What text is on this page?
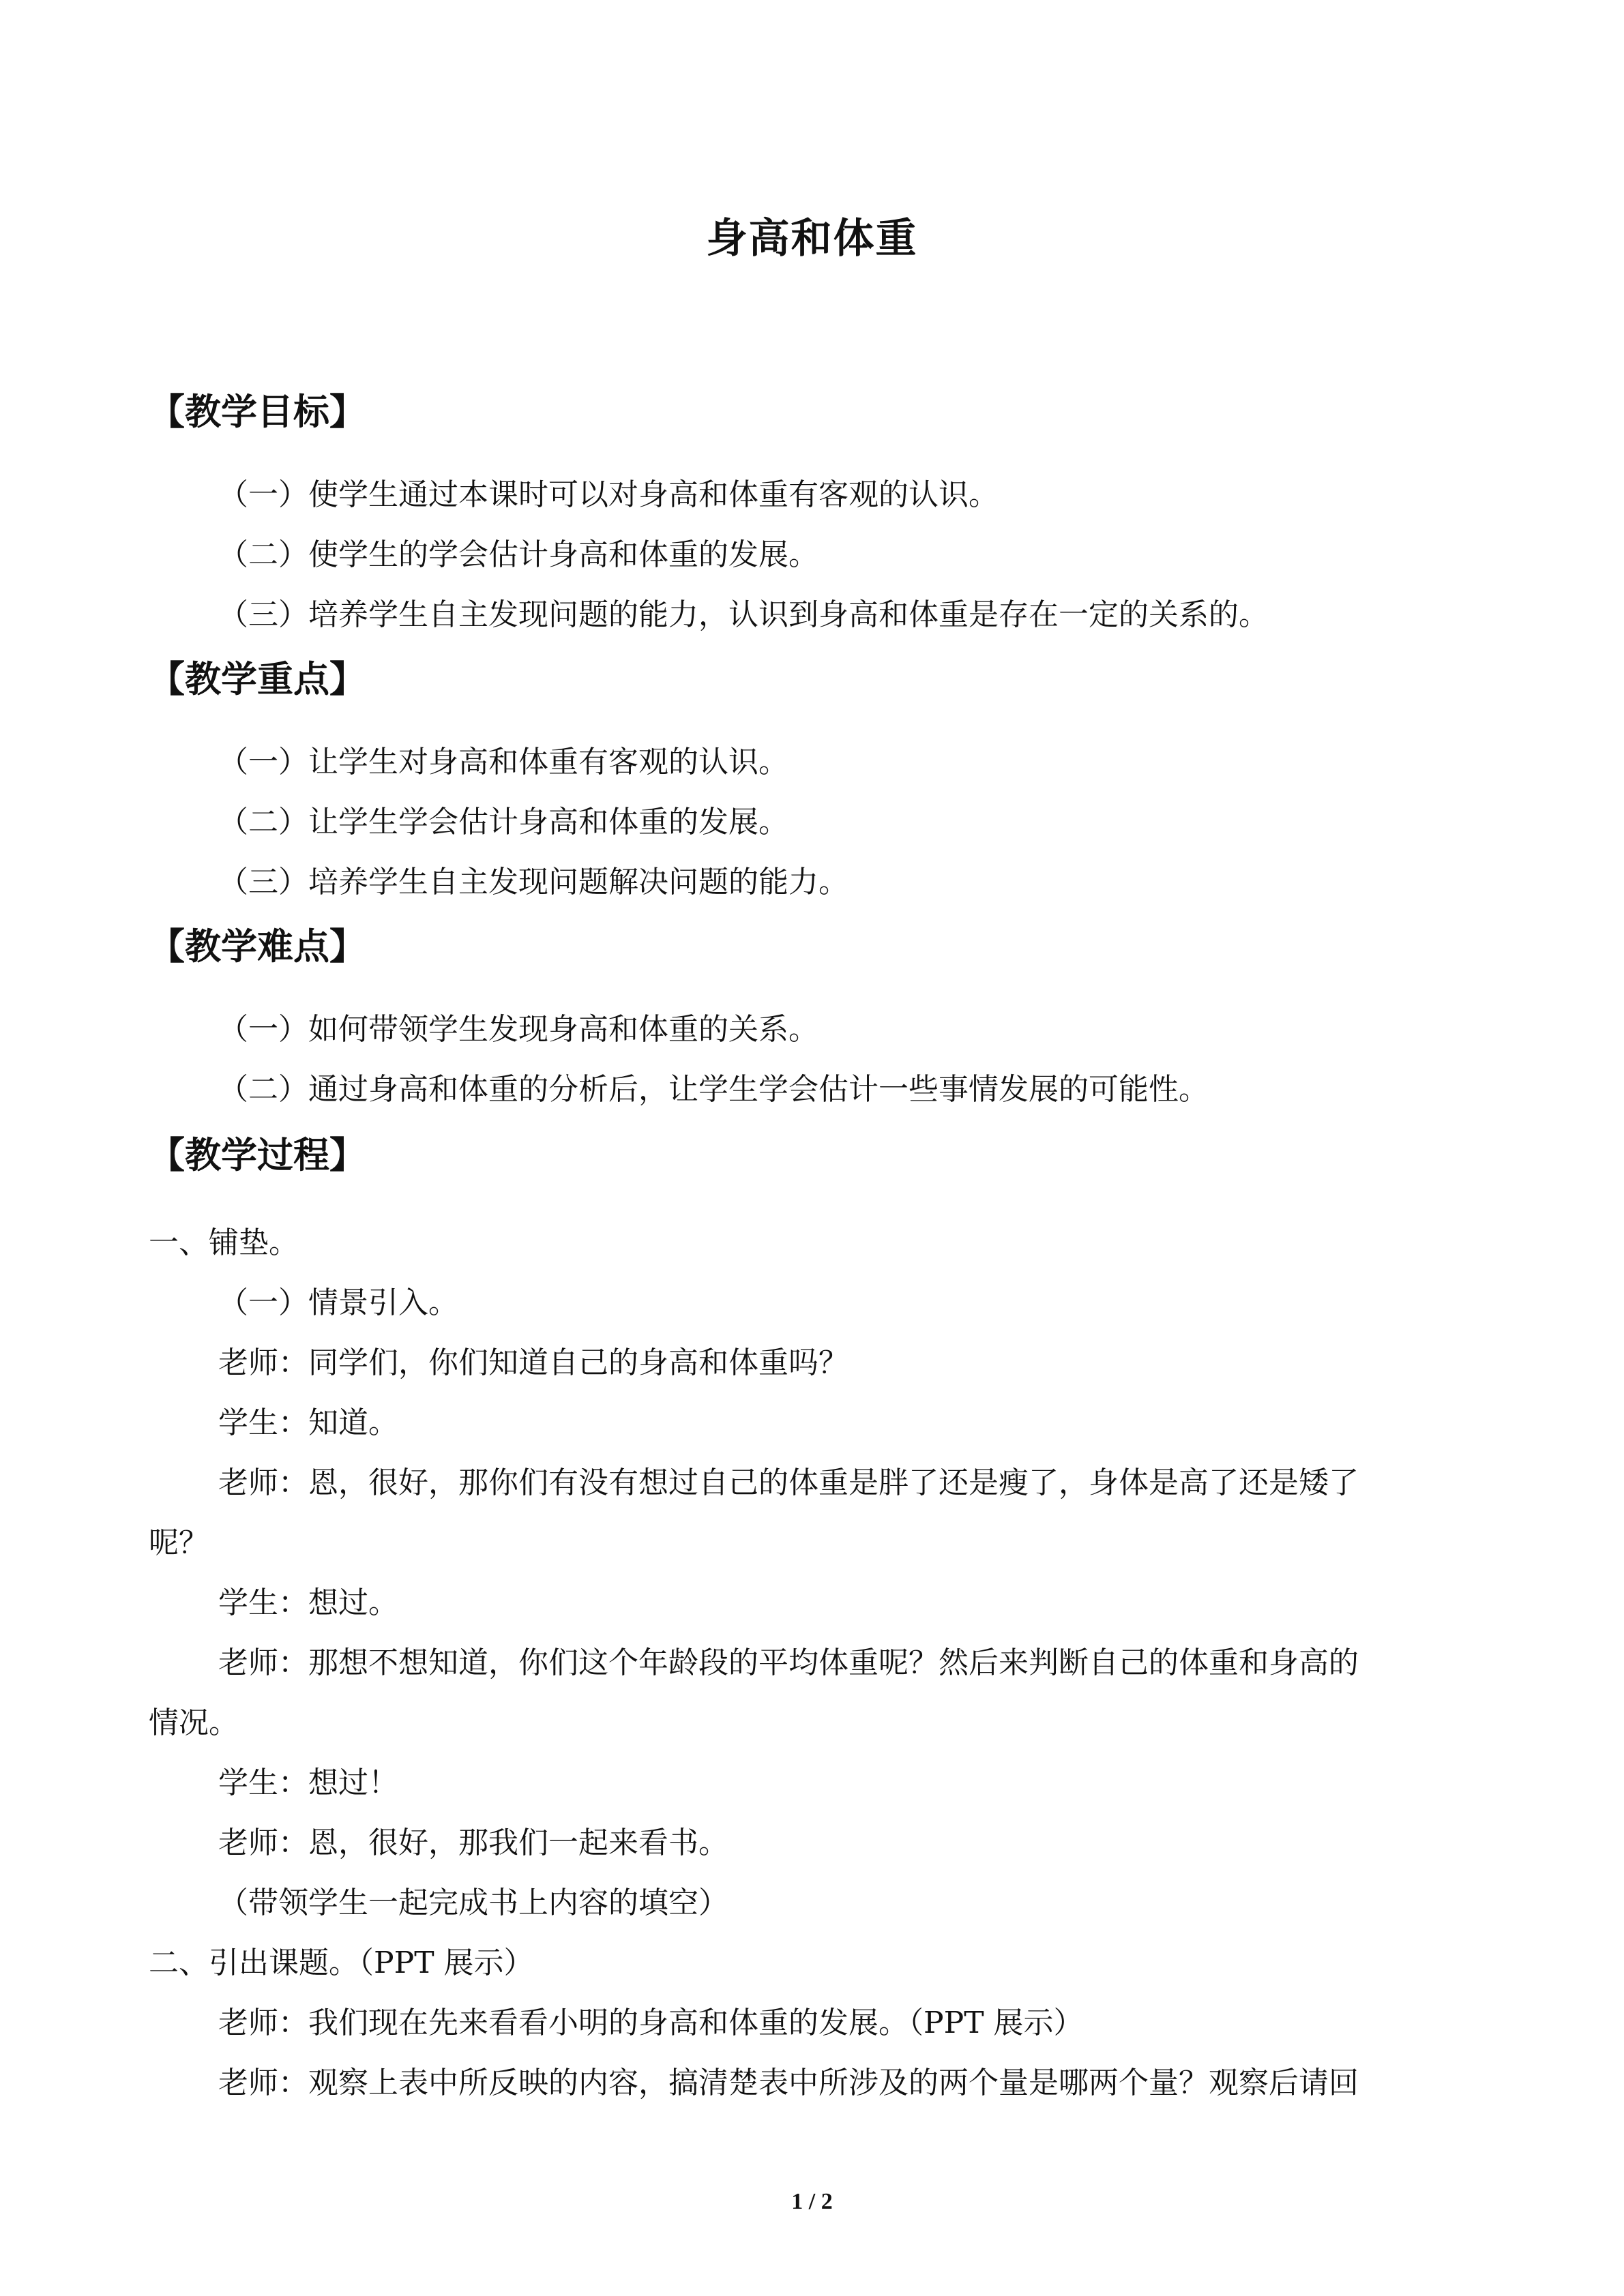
身高和体重
【教学目标】
（一）使学生通过本课时可以对身高和体重有客观的认识。
（二）使学生的学会估计身高和体重的发展。
（三）培养学生自主发现问题的能力，认识到身高和体重是存在一定的关系的。
【教学重点】
（一）让学生对身高和体重有客观的认识。
（二）让学生学会估计身高和体重的发展。
（三）培养学生自主发现问题解决问题的能力。
【教学难点】
（一）如何带领学生发现身高和体重的关系。
（二）通过身高和体重的分析后，让学生学会估计一些事情发展的可能性。
【教学过程】
一、铺垫。
（一）情景引入。
老师：同学们，你们知道自己的身高和体重吗？
学生：知道。
老师：恩，很好，那你们有没有想过自己的体重是胖了还是瘦了，身体是高了还是矮了
呢？
学生：想过。
老师：那想不想知道，你们这个年龄段的平均体重呢？然后来判断自己的体重和身高的
情况。
学生：想过！
老师：恩，很好，那我们一起来看书。
（带领学生一起完成书上内容的填空）
二、引出课题。（PPT 展示）
老师：我们现在先来看看小明的身高和体重的发展。（PPT 展示）
老师：观察上表中所反映的内容，搞清楚表中所涉及的两个量是哪两个量？观察后请回
1 / 2
